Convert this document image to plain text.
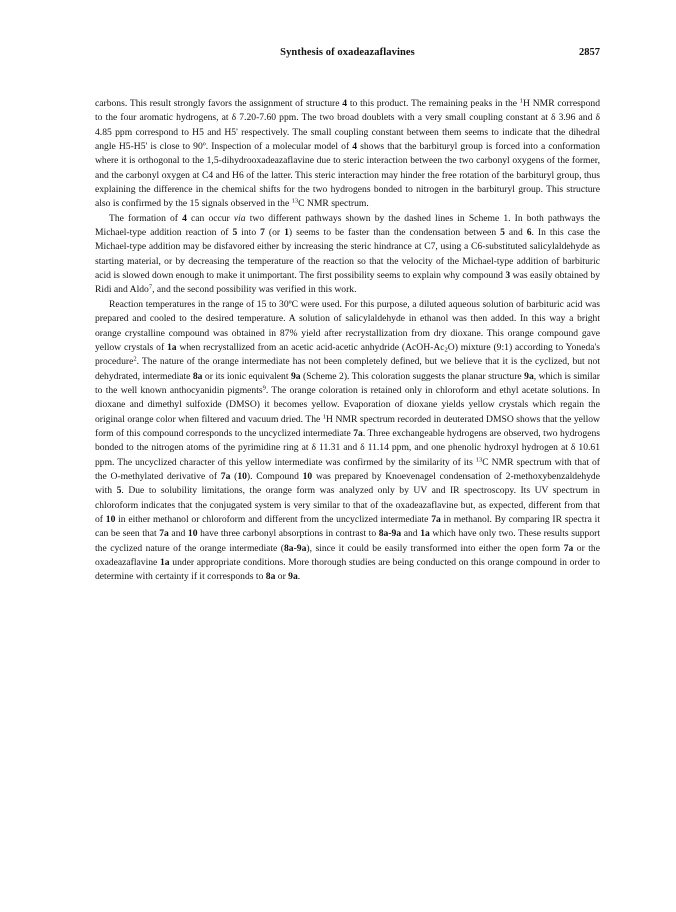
Synthesis of oxadeazaflavines	2857

carbons. This result strongly favors the assignment of structure 4 to this product. The remaining peaks in the $^1$H NMR correspond to the four aromatic hydrogens, at δ 7.20-7.60 ppm. The two broad doublets with a very small coupling constant at δ 3.96 and δ 4.85 ppm correspond to H5 and H5' respectively. The small coupling constant between them seems to indicate that the dihedral angle H5-H5' is close to 90º. Inspection of a molecular model of 4 shows that the barbituryl group is forced into a conformation where it is orthogonal to the 1,5-dihydrooxadeazaflavine due to steric interaction between the two carbonyl oxygens of the former, and the carbonyl oxygen at C4 and H6 of the latter. This steric interaction may hinder the free rotation of the barbituryl group, thus explaining the difference in the chemical shifts for the two hydrogens bonded to nitrogen in the barbituryl group. This structure also is confirmed by the 15 signals observed in the $^{13}$C NMR spectrum.

The formation of 4 can occur via two different pathways shown by the dashed lines in Scheme 1. In both pathways the Michael-type addition reaction of 5 into 7 (or 1) seems to be faster than the condensation between 5 and 6. In this case the Michael-type addition may be disfavored either by increasing the steric hindrance at C7, using a C6-substituted salicylaldehyde as starting material, or by decreasing the temperature of the reaction so that the velocity of the Michael-type addition of barbituric acid is slowed down enough to make it unimportant. The first possibility seems to explain why compound 3 was easily obtained by Ridi and Aldo$^7$, and the second possibility was verified in this work.

Reaction temperatures in the range of 15 to 30ºC were used. For this purpose, a diluted aqueous solution of barbituric acid was prepared and cooled to the desired temperature. A solution of salicylaldehyde in ethanol was then added. In this way a bright orange crystalline compound was obtained in 87% yield after recrystallization from dry dioxane. This orange compound gave yellow crystals of 1a when recrystallized from an acetic acid-acetic anhydride $(AcOH-Ac_2O)$ mixture (9:1) according to Yoneda's procedure$^2$. The nature of the orange intermediate has not been completely defined, but we believe that it is the cyclized, but not dehydrated, intermediate 8a or its ionic equivalent 9a (Scheme 2). This coloration suggests the planar structure 9a, which is similar to the well known anthocyanidin pigments$^9$. The orange coloration is retained only in chloroform and ethyl acetate solutions. In dioxane and dimethyl sulfoxide (DMSO) it becomes yellow. Evaporation of dioxane yields yellow crystals which regain the original orange color when filtered and vacuum dried. The $^1$H NMR spectrum recorded in deuterated DMSO shows that the yellow form of this compound corresponds to the uncyclized intermediate 7a. Three exchangeable hydrogens are observed, two hydrogens bonded to the nitrogen atoms of the pyrimidine ring at δ 11.31 and δ 11.14 ppm, and one phenolic hydroxyl hydrogen at δ 10.61 ppm. The uncyclized character of this yellow intermediate was confirmed by the similarity of its $^{13}$C NMR spectrum with that of the O-methylated derivative of 7a (10). Compound 10 was prepared by Knoevenagel condensation of 2-methoxybenzaldehyde with 5. Due to solubility limitations, the orange form was analyzed only by UV and IR spectroscopy. Its UV spectrum in chloroform indicates that the conjugated system is very similar to that of the oxadeazaflavine but, as expected, different from that of 10 in either methanol or chloroform and different from the uncyclized intermediate 7a in methanol. By comparing IR spectra it can be seen that 7a and 10 have three carbonyl absorptions in contrast to 8a-9a and 1a which have only two. These results support the cyclized nature of the orange intermediate (8a-9a), since it could be easily transformed into either the open form 7a or the oxadeazaflavine 1a under appropriate conditions. More thorough studies are being conducted on this orange compound in order to determine with certainty if it corresponds to 8a or 9a.
